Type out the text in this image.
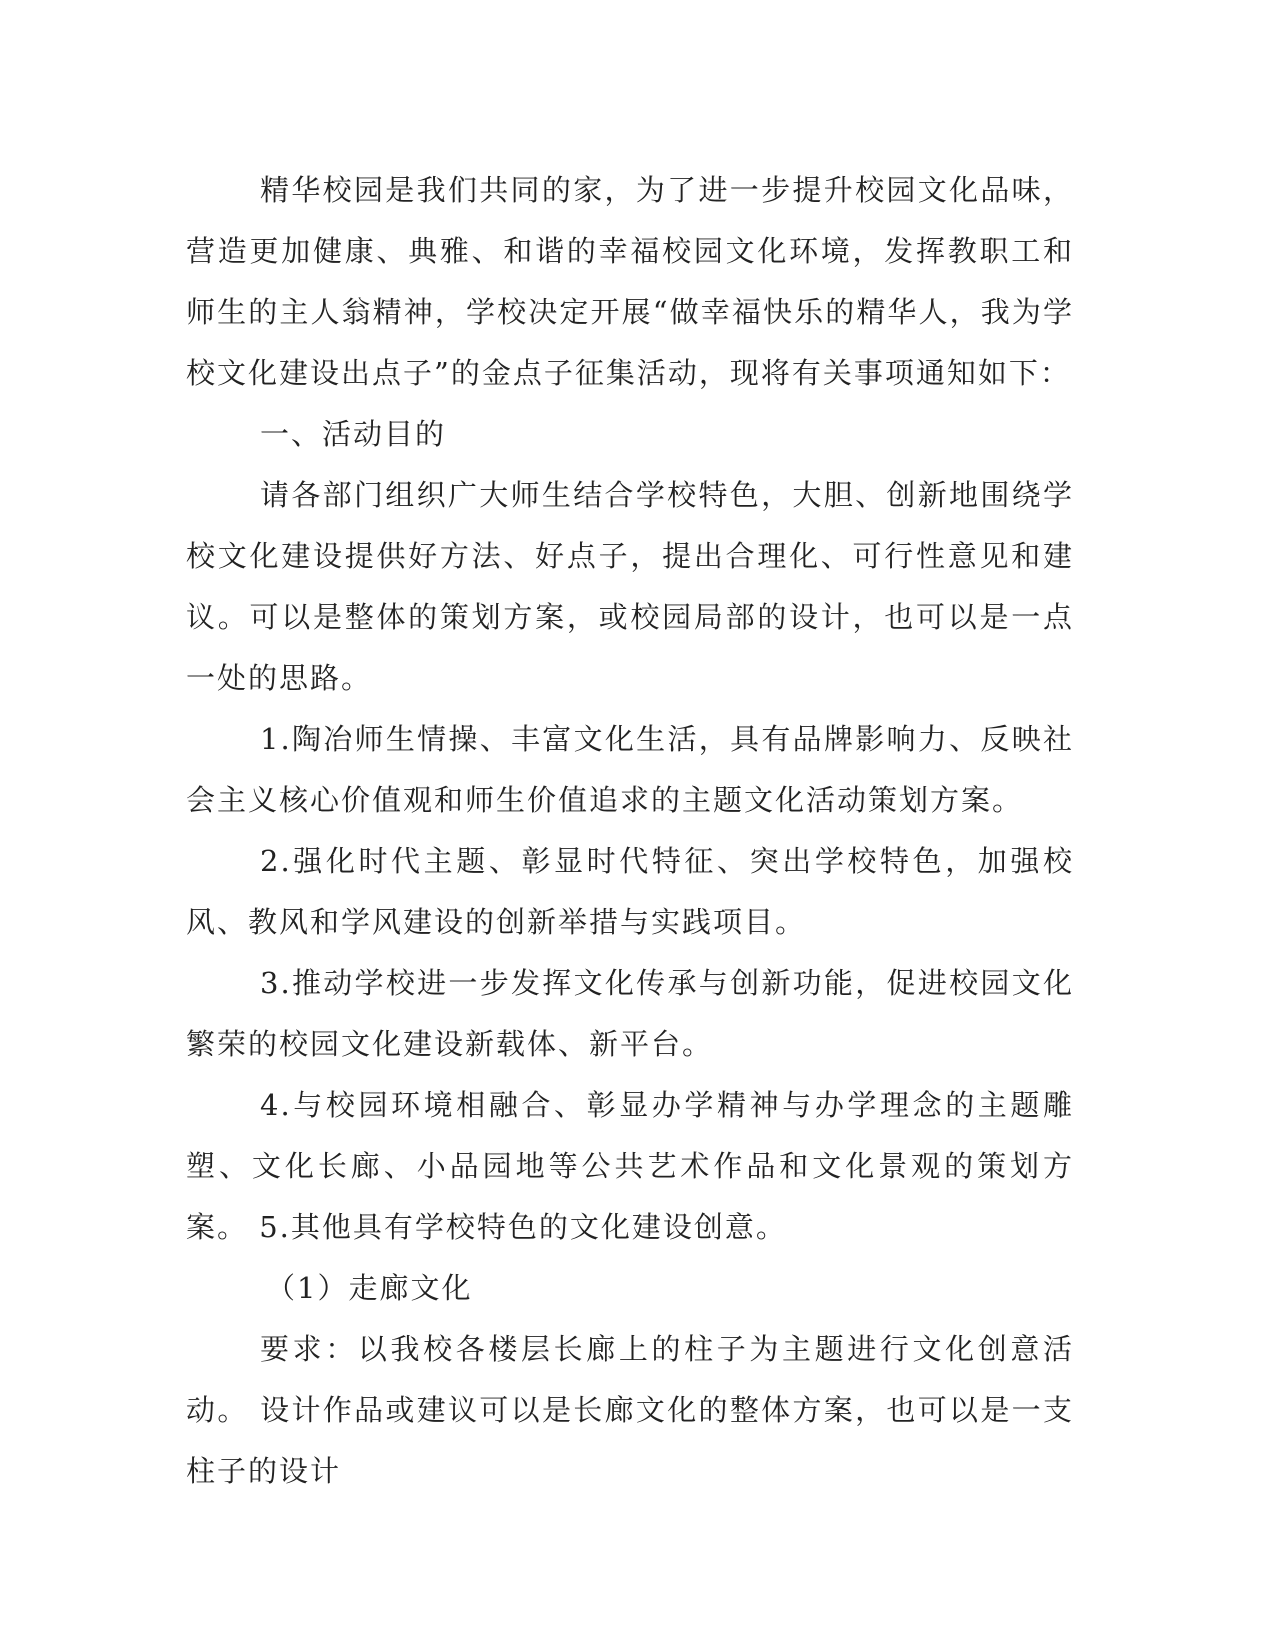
精华校园是我们共同的家，为了进一步提升校园文化品味，营造更加健康、典雅、和谐的幸福校园文化环境，发挥教职工和师生的主人翁精神，学校决定开展“做幸福快乐的精华人，我为学校文化建设出点子”的金点子征集活动，现将有关事项通知如下：

一、活动目的

请各部门组织广大师生结合学校特色，大胆、创新地围绕学校文化建设提供好方法、好点子，提出合理化、可行性意见和建议。可以是整体的策划方案，或校园局部的设计，也可以是一点一处的思路。

1.陶冶师生情操、丰富文化生活，具有品牌影响力、反映社会主义核心价值观和师生价值追求的主题文化活动策划方案。

2.强化时代主题、彰显时代特征、突出学校特色，加强校风、教风和学风建设的创新举措与实践项目。

3.推动学校进一步发挥文化传承与创新功能，促进校园文化繁荣的校园文化建设新载体、新平台。

4.与校园环境相融合、彰显办学精神与办学理念的主题雕塑、文化长廊、小品园地等公共艺术作品和文化景观的策划方案。 5.其他具有学校特色的文化建设创意。

（1）走廊文化

要求：以我校各楼层长廊上的柱子为主题进行文化创意活动。 设计作品或建议可以是长廊文化的整体方案，也可以是一支柱子的设计
